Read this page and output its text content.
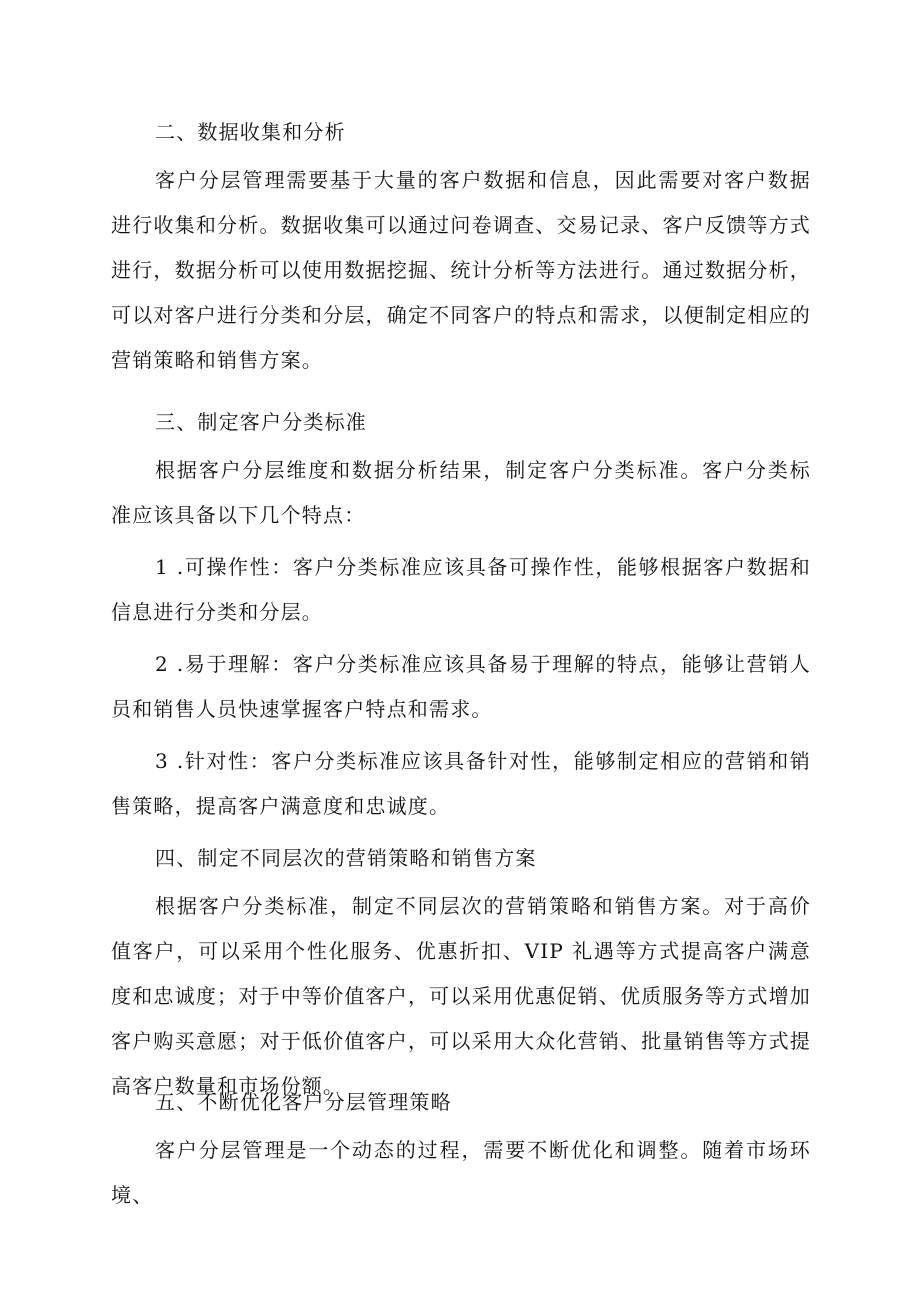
二、数据收集和分析

客户分层管理需要基于大量的客户数据和信息，因此需要对客户数据进行收集和分析。数据收集可以通过问卷调查、交易记录、客户反馈等方式进行，数据分析可以使用数据挖掘、统计分析等方法进行。通过数据分析，可以对客户进行分类和分层，确定不同客户的特点和需求，以便制定相应的营销策略和销售方案。

三、制定客户分类标准

根据客户分层维度和数据分析结果，制定客户分类标准。客户分类标准应该具备以下几个特点：

1 .可操作性：客户分类标准应该具备可操作性，能够根据客户数据和信息进行分类和分层。

2 .易于理解：客户分类标准应该具备易于理解的特点，能够让营销人员和销售人员快速掌握客户特点和需求。

3 .针对性：客户分类标准应该具备针对性，能够制定相应的营销和销售策略，提高客户满意度和忠诚度。

四、制定不同层次的营销策略和销售方案

根据客户分类标准，制定不同层次的营销策略和销售方案。对于高价值客户，可以采用个性化服务、优惠折扣、VIP 礼遇等方式提高客户满意度和忠诚度；对于中等价值客户，可以采用优惠促销、优质服务等方式增加客户购买意愿；对于低价值客户，可以采用大众化营销、批量销售等方式提高客户数量和市场份额。

五、不断优化客户分层管理策略

客户分层管理是一个动态的过程，需要不断优化和调整。随着市场环境、
